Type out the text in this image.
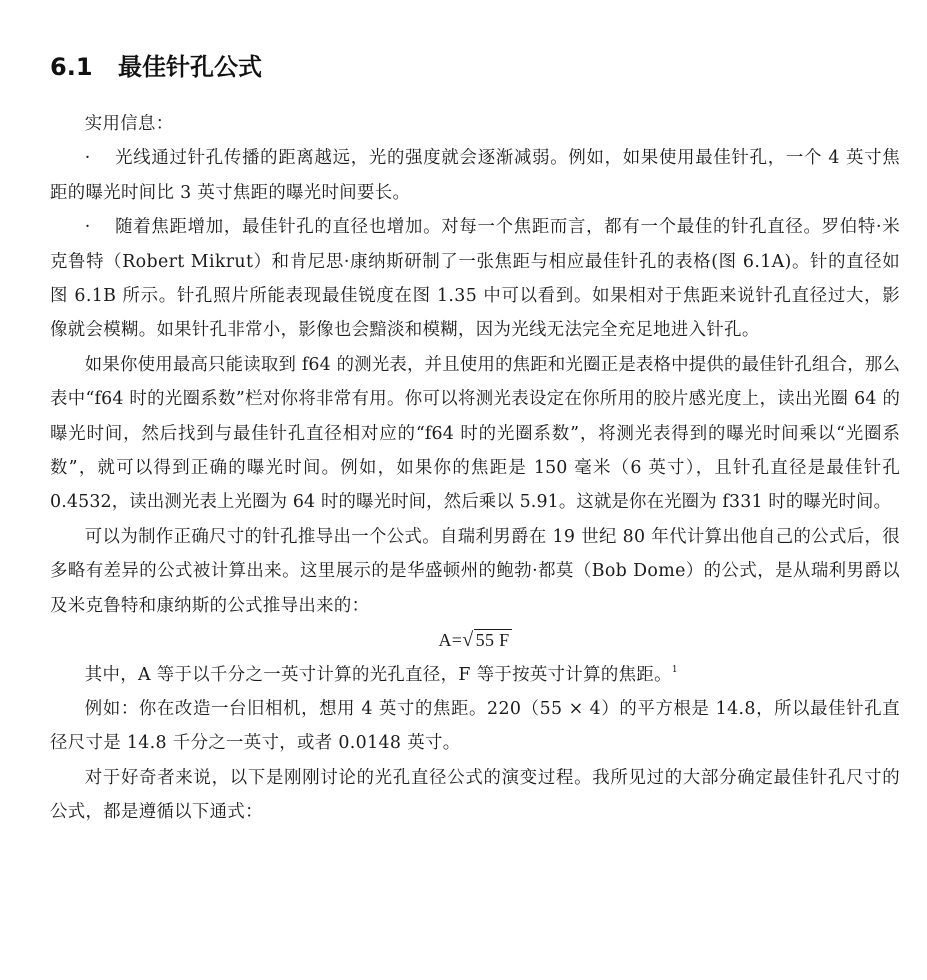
6.1 最佳针孔公式

实用信息：

· 光线通过针孔传播的距离越远，光的强度就会逐渐减弱。例如，如果使用最佳针孔，一个 4 英寸焦距的曝光时间比 3 英寸焦距的曝光时间要长。

· 随着焦距增加，最佳针孔的直径也增加。对每一个焦距而言，都有一个最佳的针孔直径。罗伯特·米克鲁特（Robert Mikrut）和肯尼思·康纳斯研制了一张焦距与相应最佳针孔的表格(图 6.1A)。针的直径如图 6.1B 所示。针孔照片所能表现最佳锐度在图 1.35 中可以看到。如果相对于焦距来说针孔直径过大，影像就会模糊。如果针孔非常小，影像也会黯淡和模糊，因为光线无法完全充足地进入针孔。

如果你使用最高只能读取到 f64 的测光表，并且使用的焦距和光圈正是表格中提供的最佳针孔组合，那么表中“f64 时的光圈系数”栏对你将非常有用。你可以将测光表设定在你所用的胶片感光度上，读出光圈 64 的曝光时间，然后找到与最佳针孔直径相对应的“f64 时的光圈系数”，将测光表得到的曝光时间乘以“光圈系数”，就可以得到正确的曝光时间。例如，如果你的焦距是 150 毫米（6 英寸），且针孔直径是最佳针孔 0.4532，读出测光表上光圈为 64 时的曝光时间，然后乘以 5.91。这就是你在光圈为 f331 时的曝光时间。

可以为制作正确尺寸的针孔推导出一个公式。自瑞利男爵在 19 世纪 80 年代计算出他自己的公式后，很多略有差异的公式被计算出来。这里展示的是华盛顿州的鲍勃·都莫（Bob Dome）的公式，是从瑞利男爵以及米克鲁特和康纳斯的公式推导出来的：

A=√ 55 F

其中，A 等于以千分之一英寸计算的光孔直径，F 等于按英寸计算的焦距。$^1$

例如：你在改造一台旧相机，想用 4 英寸的焦距。220（55 × 4）的平方根是 14.8，所以最佳针孔直径尺寸是 14.8 千分之一英寸，或者 0.0148 英寸。

对于好奇者来说，以下是刚刚讨论的光孔直径公式的演变过程。我所见过的大部分确定最佳针孔尺寸的公式，都是遵循以下通式：
